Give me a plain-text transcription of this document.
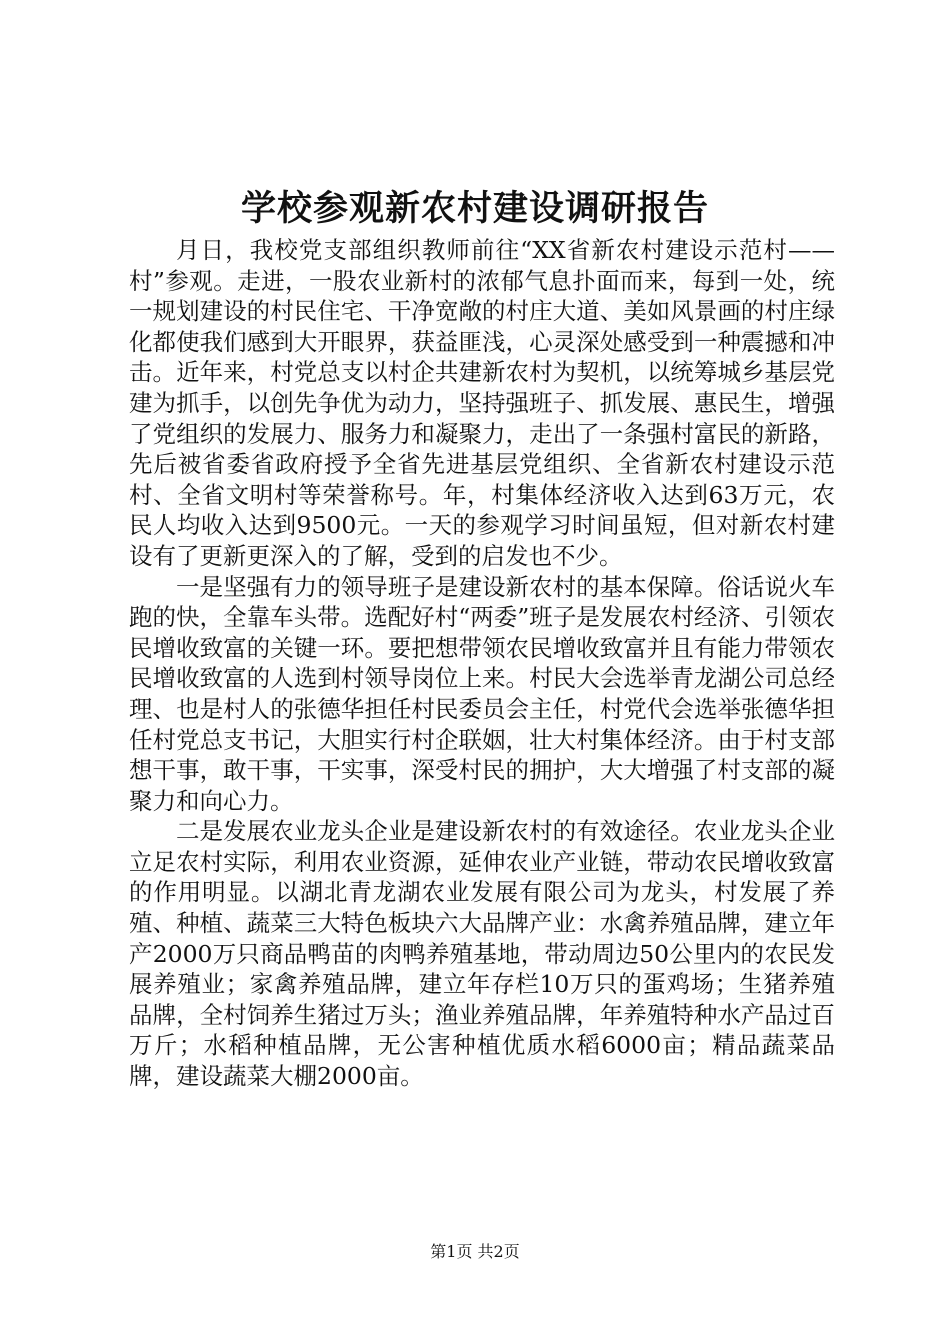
学校参观新农村建设调研报告

月日，我校党支部组织教师前往“XX省新农村建设示范村——村”参观。走进，一股农业新村的浓郁气息扑面而来，每到一处，统一规划建设的村民住宅、干净宽敞的村庄大道、美如风景画的村庄绿化都使我们感到大开眼界，获益匪浅，心灵深处感受到一种震撼和冲击。近年来，村党总支以村企共建新农村为契机，以统筹城乡基层党建为抓手，以创先争优为动力，坚持强班子、抓发展、惠民生，增强了党组织的发展力、服务力和凝聚力，走出了一条强村富民的新路，先后被省委省政府授予全省先进基层党组织、全省新农村建设示范村、全省文明村等荣誉称号。年，村集体经济收入达到63万元，农民人均收入达到9500元。一天的参观学习时间虽短，但对新农村建设有了更新更深入的了解，受到的启发也不少。

一是坚强有力的领导班子是建设新农村的基本保障。俗话说火车跑的快，全靠车头带。选配好村“两委”班子是发展农村经济、引领农民增收致富的关键一环。要把想带领农民增收致富并且有能力带领农民增收致富的人选到村领导岗位上来。村民大会选举青龙湖公司总经理、也是村人的张德华担任村民委员会主任，村党代会选举张德华担任村党总支书记，大胆实行村企联姻，壮大村集体经济。由于村支部想干事，敢干事，干实事，深受村民的拥护，大大增强了村支部的凝聚力和向心力。

二是发展农业龙头企业是建设新农村的有效途径。农业龙头企业立足农村实际，利用农业资源，延伸农业产业链，带动农民增收致富的作用明显。以湖北青龙湖农业发展有限公司为龙头，村发展了养殖、种植、蔬菜三大特色板块六大品牌产业：水禽养殖品牌，建立年产2000万只商品鸭苗的肉鸭养殖基地，带动周边50公里内的农民发展养殖业；家禽养殖品牌，建立年存栏10万只的蛋鸡场；生猪养殖品牌，全村饲养生猪过万头；渔业养殖品牌，年养殖特种水产品过百万斤；水稻种植品牌，无公害种植优质水稻6000亩；精品蔬菜品牌，建设蔬菜大棚2000亩。

第1页 共2页
